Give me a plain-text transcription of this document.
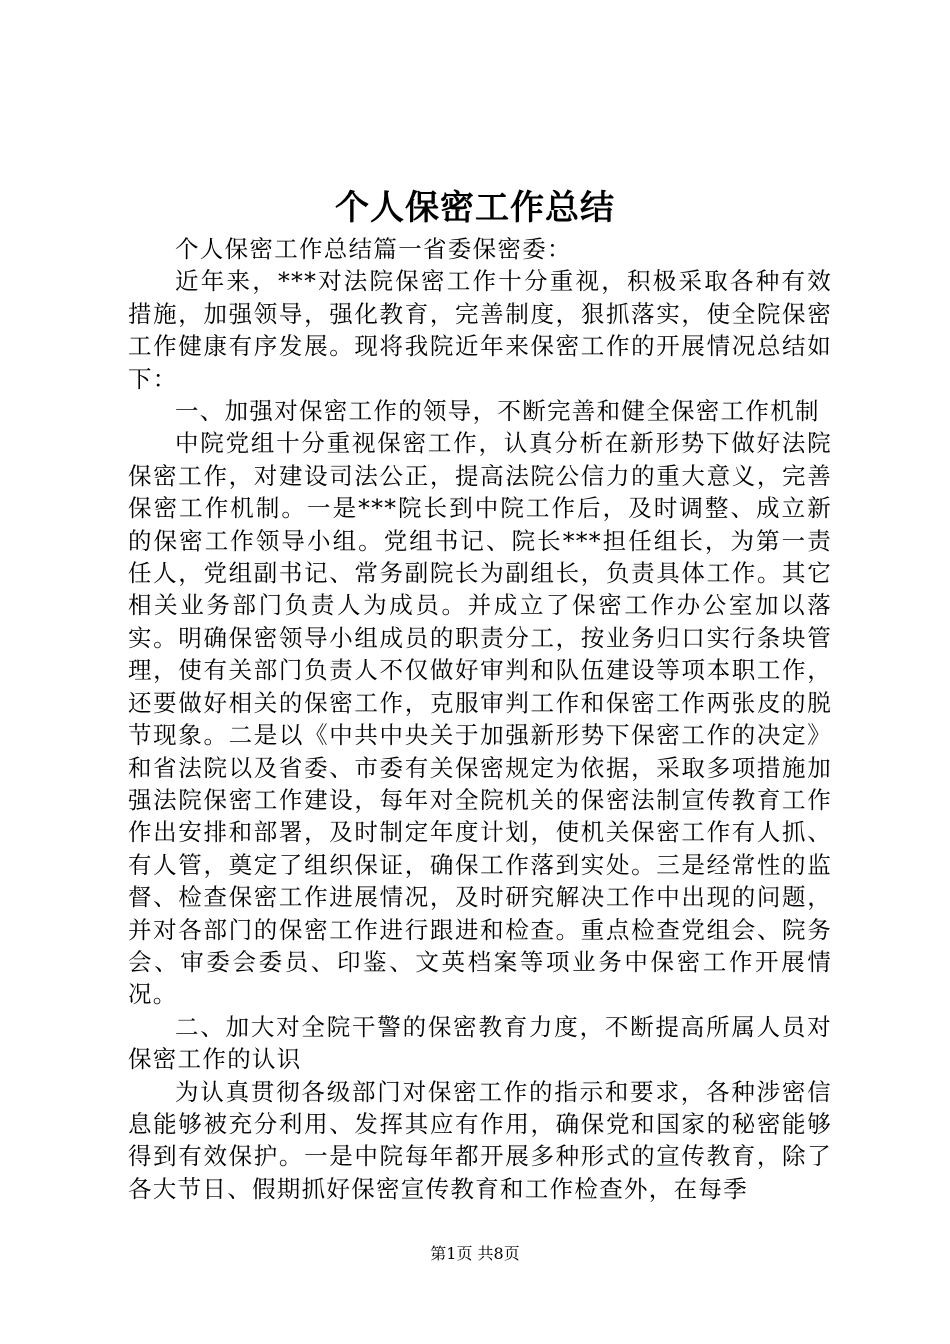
个人保密工作总结

个人保密工作总结篇一省委保密委：

近年来，***对法院保密工作十分重视，积极采取各种有效措施，加强领导，强化教育，完善制度，狠抓落实，使全院保密工作健康有序发展。现将我院近年来保密工作的开展情况总结如下：

一、加强对保密工作的领导，不断完善和健全保密工作机制

中院党组十分重视保密工作，认真分析在新形势下做好法院保密工作，对建设司法公正，提高法院公信力的重大意义，完善保密工作机制。一是***院长到中院工作后，及时调整、成立新的保密工作领导小组。党组书记、院长***担任组长，为第一责任人，党组副书记、常务副院长为副组长，负责具体工作。其它相关业务部门负责人为成员。并成立了保密工作办公室加以落实。明确保密领导小组成员的职责分工，按业务归口实行条块管理，使有关部门负责人不仅做好审判和队伍建设等项本职工作，还要做好相关的保密工作，克服审判工作和保密工作两张皮的脱节现象。二是以《中共中央关于加强新形势下保密工作的决定》和省法院以及省委、市委有关保密规定为依据，采取多项措施加强法院保密工作建设，每年对全院机关的保密法制宣传教育工作作出安排和部署，及时制定年度计划，使机关保密工作有人抓、有人管，奠定了组织保证，确保工作落到实处。三是经常性的监督、检查保密工作进展情况，及时研究解决工作中出现的问题，并对各部门的保密工作进行跟进和检查。重点检查党组会、院务会、审委会委员、印鉴、文英档案等项业务中保密工作开展情况。

二、加大对全院干警的保密教育力度，不断提高所属人员对保密工作的认识

为认真贯彻各级部门对保密工作的指示和要求，各种涉密信息能够被充分利用、发挥其应有作用，确保党和国家的秘密能够得到有效保护。一是中院每年都开展多种形式的宣传教育，除了各大节日、假期抓好保密宣传教育和工作检查外，在每季

第1页 共8页
